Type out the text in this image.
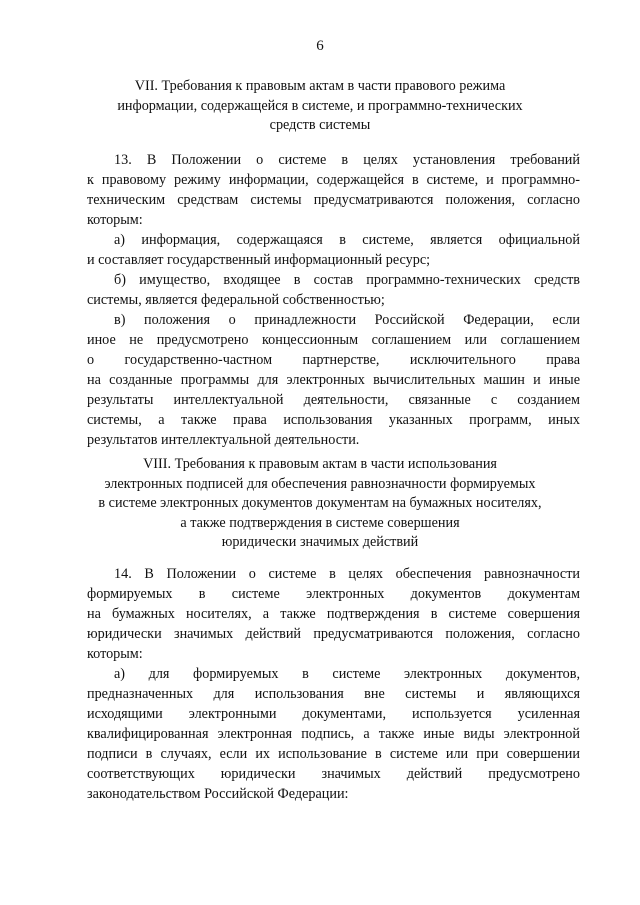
6
VII. Требования к правовым актам в части правового режима
информации, содержащейся в системе, и программно-технических
средств системы
13. В Положении о системе в целях установления требований
к правовому режиму информации, содержащейся в системе, и программно-
техническим средствам системы предусматриваются положения, согласно
которым:
а) информация, содержащаяся в системе, является официальной
и составляет государственный информационный ресурс;
б) имущество, входящее в состав программно-технических средств
системы, является федеральной собственностью;
в) положения о принадлежности Российской Федерации, если
иное не предусмотрено концессионным соглашением или соглашением
о государственно-частном партнерстве, исключительного права
на созданные программы для электронных вычислительных машин и иные
результаты интеллектуальной деятельности, связанные с созданием
системы, а также права использования указанных программ, иных
результатов интеллектуальной деятельности.
VIII. Требования к правовым актам в части использования
электронных подписей для обеспечения равнозначности формируемых
в системе электронных документов документам на бумажных носителях,
а также подтверждения в системе совершения
юридически значимых действий
14. В Положении о системе в целях обеспечения равнозначности
формируемых в системе электронных документов документам
на бумажных носителях, а также подтверждения в системе совершения
юридически значимых действий предусматриваются положения, согласно
которым:
а) для формируемых в системе электронных документов,
предназначенных для использования вне системы и являющихся
исходящими электронными документами, используется усиленная
квалифицированная электронная подпись, а также иные виды электронной
подписи в случаях, если их использование в системе или при совершении
соответствующих юридически значимых действий предусмотрено
законодательством Российской Федерации:
